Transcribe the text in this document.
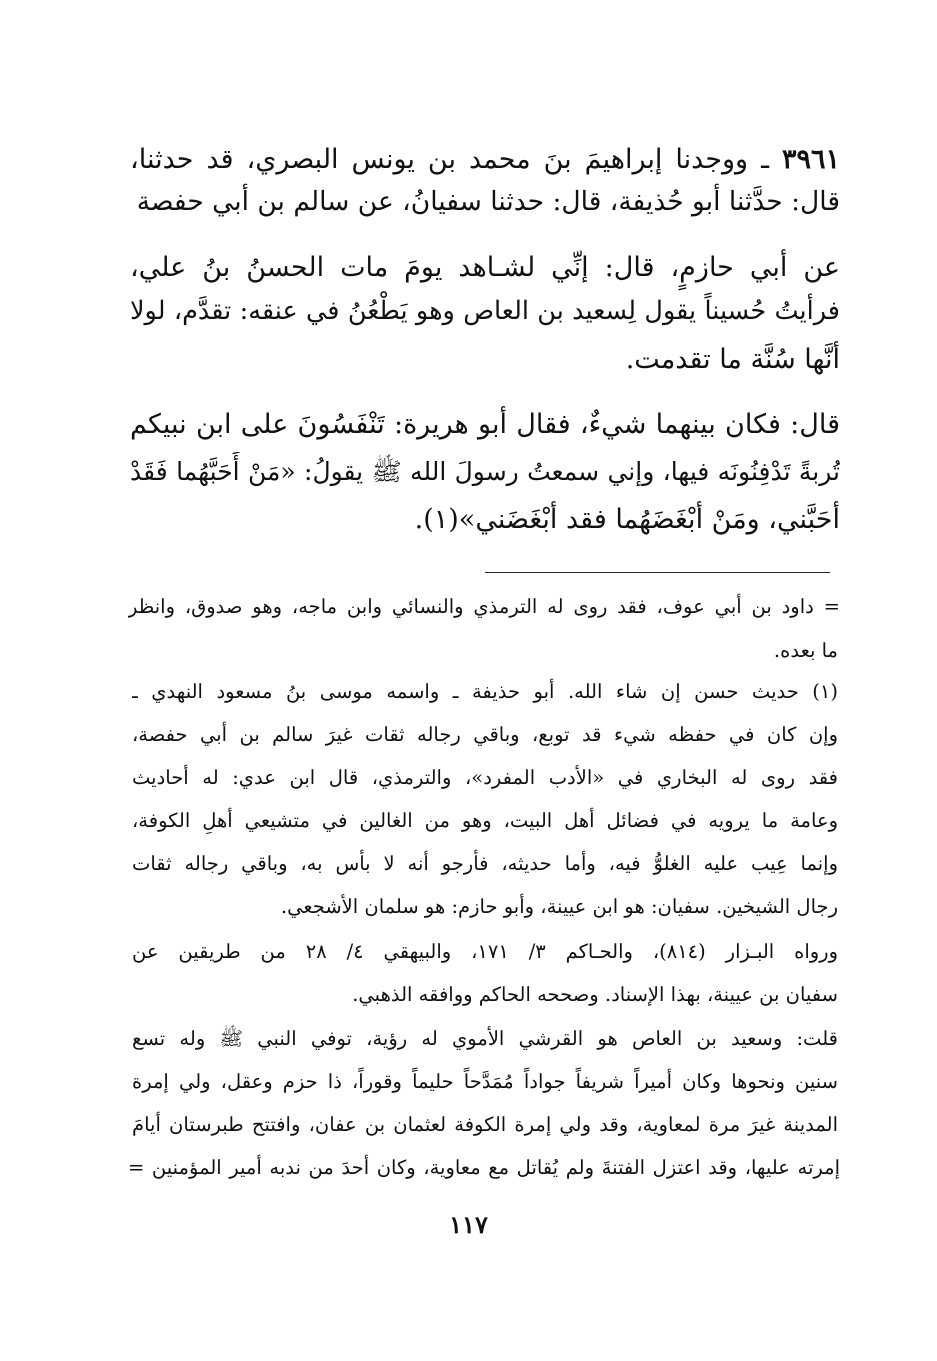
٣٩٦١ ـ ووجدنا إبراهيمَ بنَ محمد بن يونس البصري، قد حدثنا،
قال: حدَّثنا أبو حُذيفة، قال: حدثنا سفيانُ، عن سالم بن أبي حفصة
عن أبي حازمٍ، قال: إنِّي لشـاهد يومَ مات الحسنُ بنُ علي،
فرأيتُ حُسيناً يقول لِسعيد بن العاص وهو يَطْعُنُ في عنقه: تقدَّم، لولا
أنَّها سُنَّة ما تقدمت.
قال: فكان بينهما شيءٌ، فقال أبو هريرة: تَنْفَسُونَ على ابن نبيكم
تُربةً تَدْفِنُونَه فيها، وإني سمعتُ رسولَ الله ﷺ يقولُ: «مَنْ أَحَبَّهُما فَقَدْ
أَحَبَّني، ومَنْ أَبْغَضَهُما فقد أَبْغَضَني»(١).
= داود بن أبي عوف، فقد روى له الترمذي والنسائي وابن ماجه، وهو صدوق، وانظر
ما بعده.
(١) حديث حسن إن شاء الله. أبو حذيفة ـ واسمه موسى بنُ مسعود النهدي ـ
وإن كان في حفظه شيء قد توبع، وباقي رجاله ثقات غيرَ سالم بن أبي حفصة،
فقد روى له البخاري في «الأدب المفرد»، والترمذي، قال ابن عدي: له أحاديث
وعامة ما يرويه في فضائل أهل البيت، وهو من الغالين في متشيعي أهلِ الكوفة،
وإنما عِيب عليه الغلوُّ فيه، وأما حديثه، فأرجو أنه لا بأس به، وباقي رجاله ثقات
رجال الشيخين. سفيان: هو ابن عيينة، وأبو حازم: هو سلمان الأشجعي.
ورواه البـزار (٨١٤)، والحـاكم ٣/ ١٧١، والبيهقي ٤/ ٢٨ من طريقين عن
سفيان بن عيينة، بهذا الإسناد. وصححه الحاكم ووافقه الذهبي.
قلت: وسعيد بن العاص هو القرشي الأموي له رؤية، توفي النبي ﷺ وله تسع
سنين ونحوها وكان أميراً شريفاً جواداً مُمَدَّحاً حليماً وقوراً، ذا حزم وعقل، ولي إمرة
المدينة غيرَ مرة لمعاوية، وقد ولي إمرة الكوفة لعثمان بن عفان، وافتتح طبرستان أيامَ
إمرته عليها، وقد اعتزل الفتنةَ ولم يُقاتل مع معاوية، وكان أحدَ من ندبه أمير المؤمنين =
١١٧
